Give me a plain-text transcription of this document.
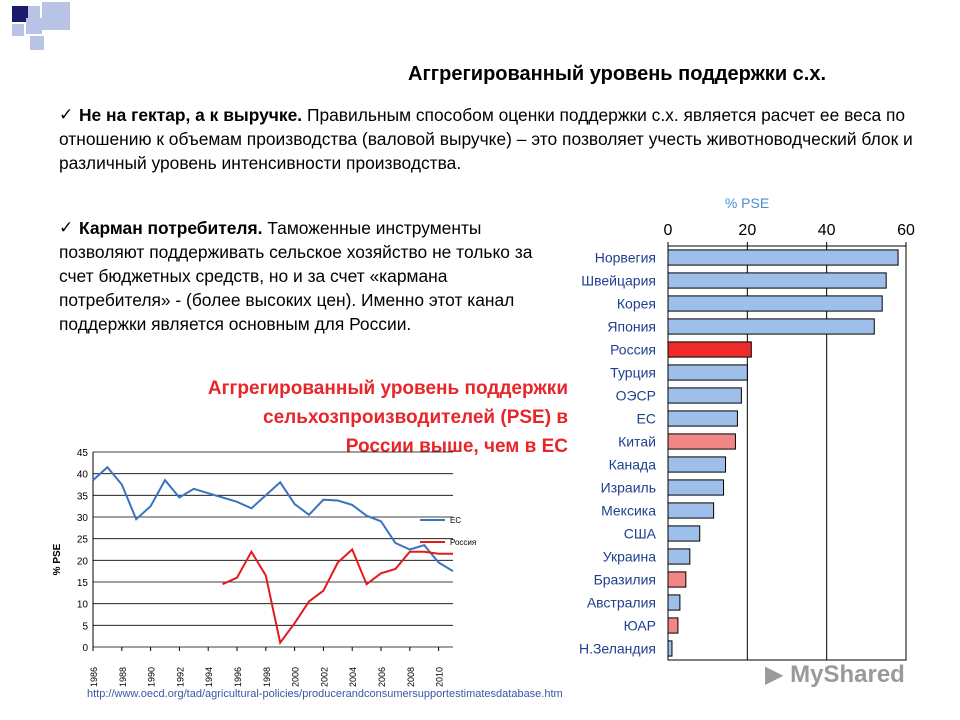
Аггрегированный уровень поддержки с.х.
✓ Не на гектар, а к выручке. Правильным способом оценки поддержки с.х. является расчет ее веса по отношению к объемам производства (валовой выручке) – это позволяет учесть животноводческий блок и различный уровень интенсивности производства.
✓ Карман потребителя. Таможенные инструменты позволяют поддерживать сельское хозяйство не только за счет бюджетных средств, но и за счет «кармана потребителя» - (более высоких цен). Именно этот канал поддержки является основным для России.
Аггрегированный уровень поддержки
сельхозпроизводителей (PSE) в
России выше, чем в ЕС
% PSE
0	20	40	60
Норвегия
Швейцария
Корея
Япония
Россия
Турция
ОЭСР
ЕС
Китай
Канада
Израиль
Мексика
США
Украина
Бразилия
Австралия
ЮАР
Н.Зеландия
0
5
10
15
20
25
30
35
40
45
1986 1988 1990 1992 1994 1996 1998 2000 2002 2004 2006 2008 2010
% PSE
ЕС
Россия
http://www.oecd.org/tad/agricultural-policies/producerandconsumersupportestimatesdatabase.htm
▶ MyShared
